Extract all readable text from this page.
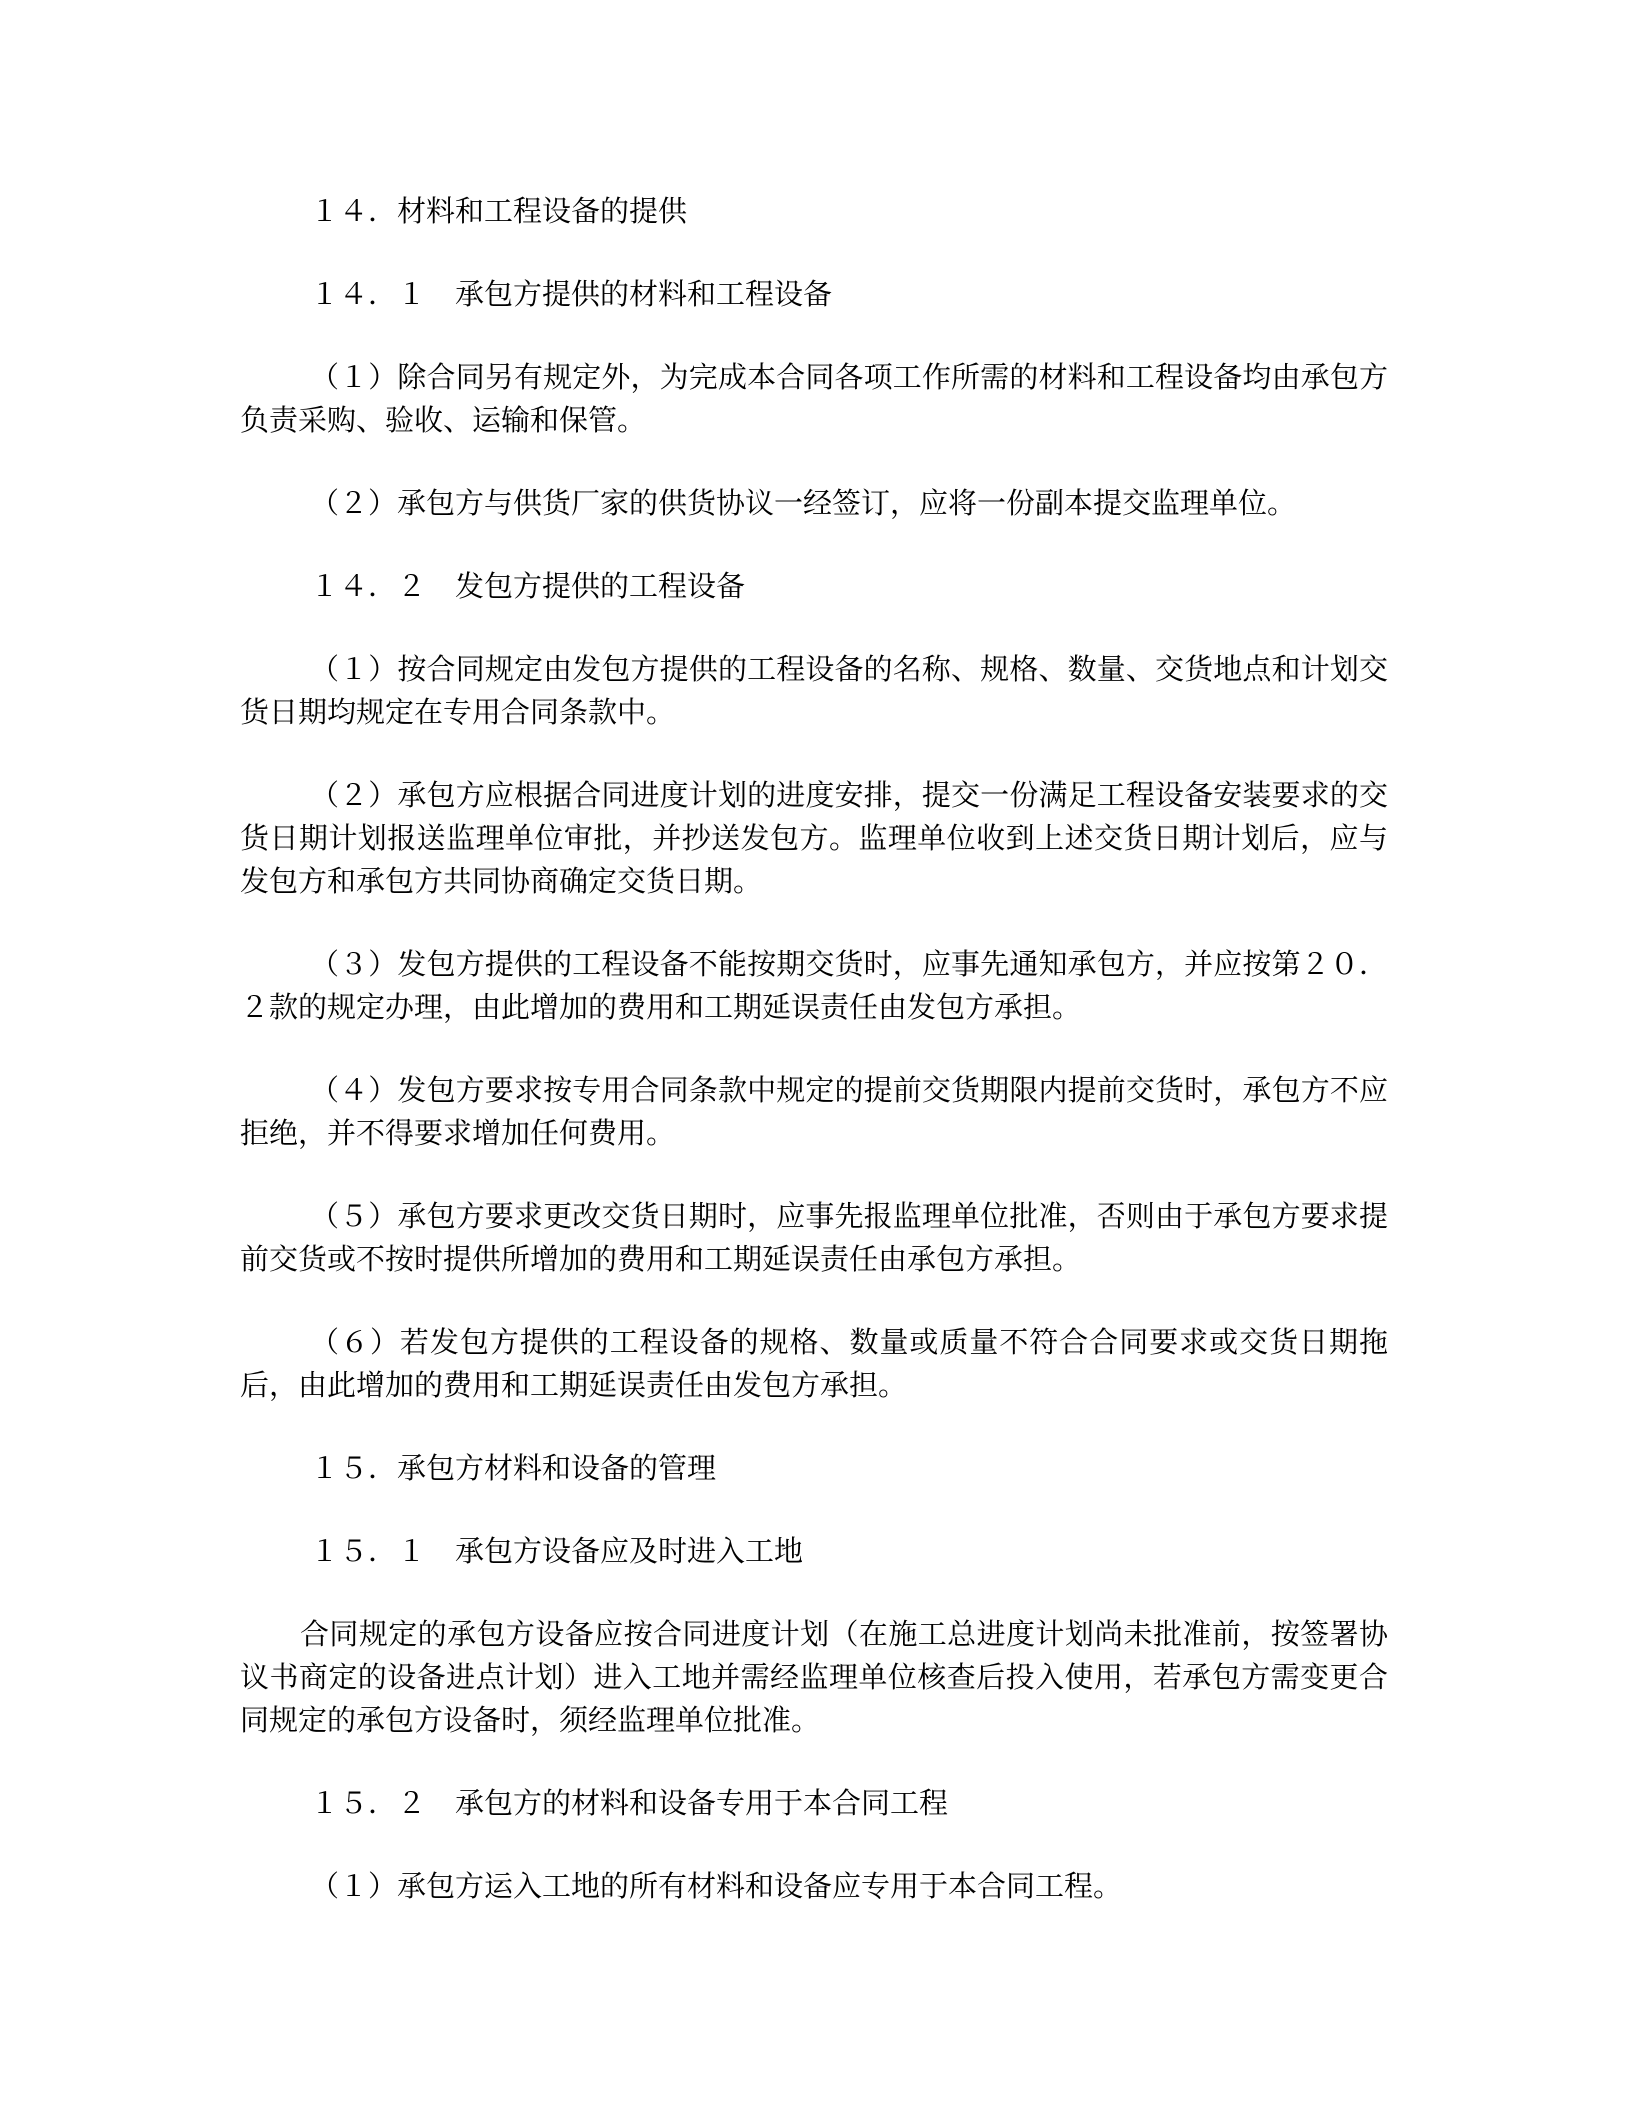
１４．材料和工程设备的提供

１４．１　承包方提供的材料和工程设备

（１）除合同另有规定外，为完成本合同各项工作所需的材料和工程设备均由承包方负责采购、验收、运输和保管。

（２）承包方与供货厂家的供货协议一经签订，应将一份副本提交监理单位。

１４．２　发包方提供的工程设备

（１）按合同规定由发包方提供的工程设备的名称、规格、数量、交货地点和计划交货日期均规定在专用合同条款中。

（２）承包方应根据合同进度计划的进度安排，提交一份满足工程设备安装要求的交货日期计划报送监理单位审批，并抄送发包方。监理单位收到上述交货日期计划后，应与发包方和承包方共同协商确定交货日期。

（３）发包方提供的工程设备不能按期交货时，应事先通知承包方，并应按第２０．２款的规定办理，由此增加的费用和工期延误责任由发包方承担。

（４）发包方要求按专用合同条款中规定的提前交货期限内提前交货时，承包方不应拒绝，并不得要求增加任何费用。

（５）承包方要求更改交货日期时，应事先报监理单位批准，否则由于承包方要求提前交货或不按时提供所增加的费用和工期延误责任由承包方承担。

（６）若发包方提供的工程设备的规格、数量或质量不符合合同要求或交货日期拖后，由此增加的费用和工期延误责任由发包方承担。

１５．承包方材料和设备的管理

１５．１　承包方设备应及时进入工地

合同规定的承包方设备应按合同进度计划（在施工总进度计划尚未批准前，按签署协议书商定的设备进点计划）进入工地并需经监理单位核查后投入使用，若承包方需变更合同规定的承包方设备时，须经监理单位批准。

１５．２　承包方的材料和设备专用于本合同工程

（１）承包方运入工地的所有材料和设备应专用于本合同工程。
